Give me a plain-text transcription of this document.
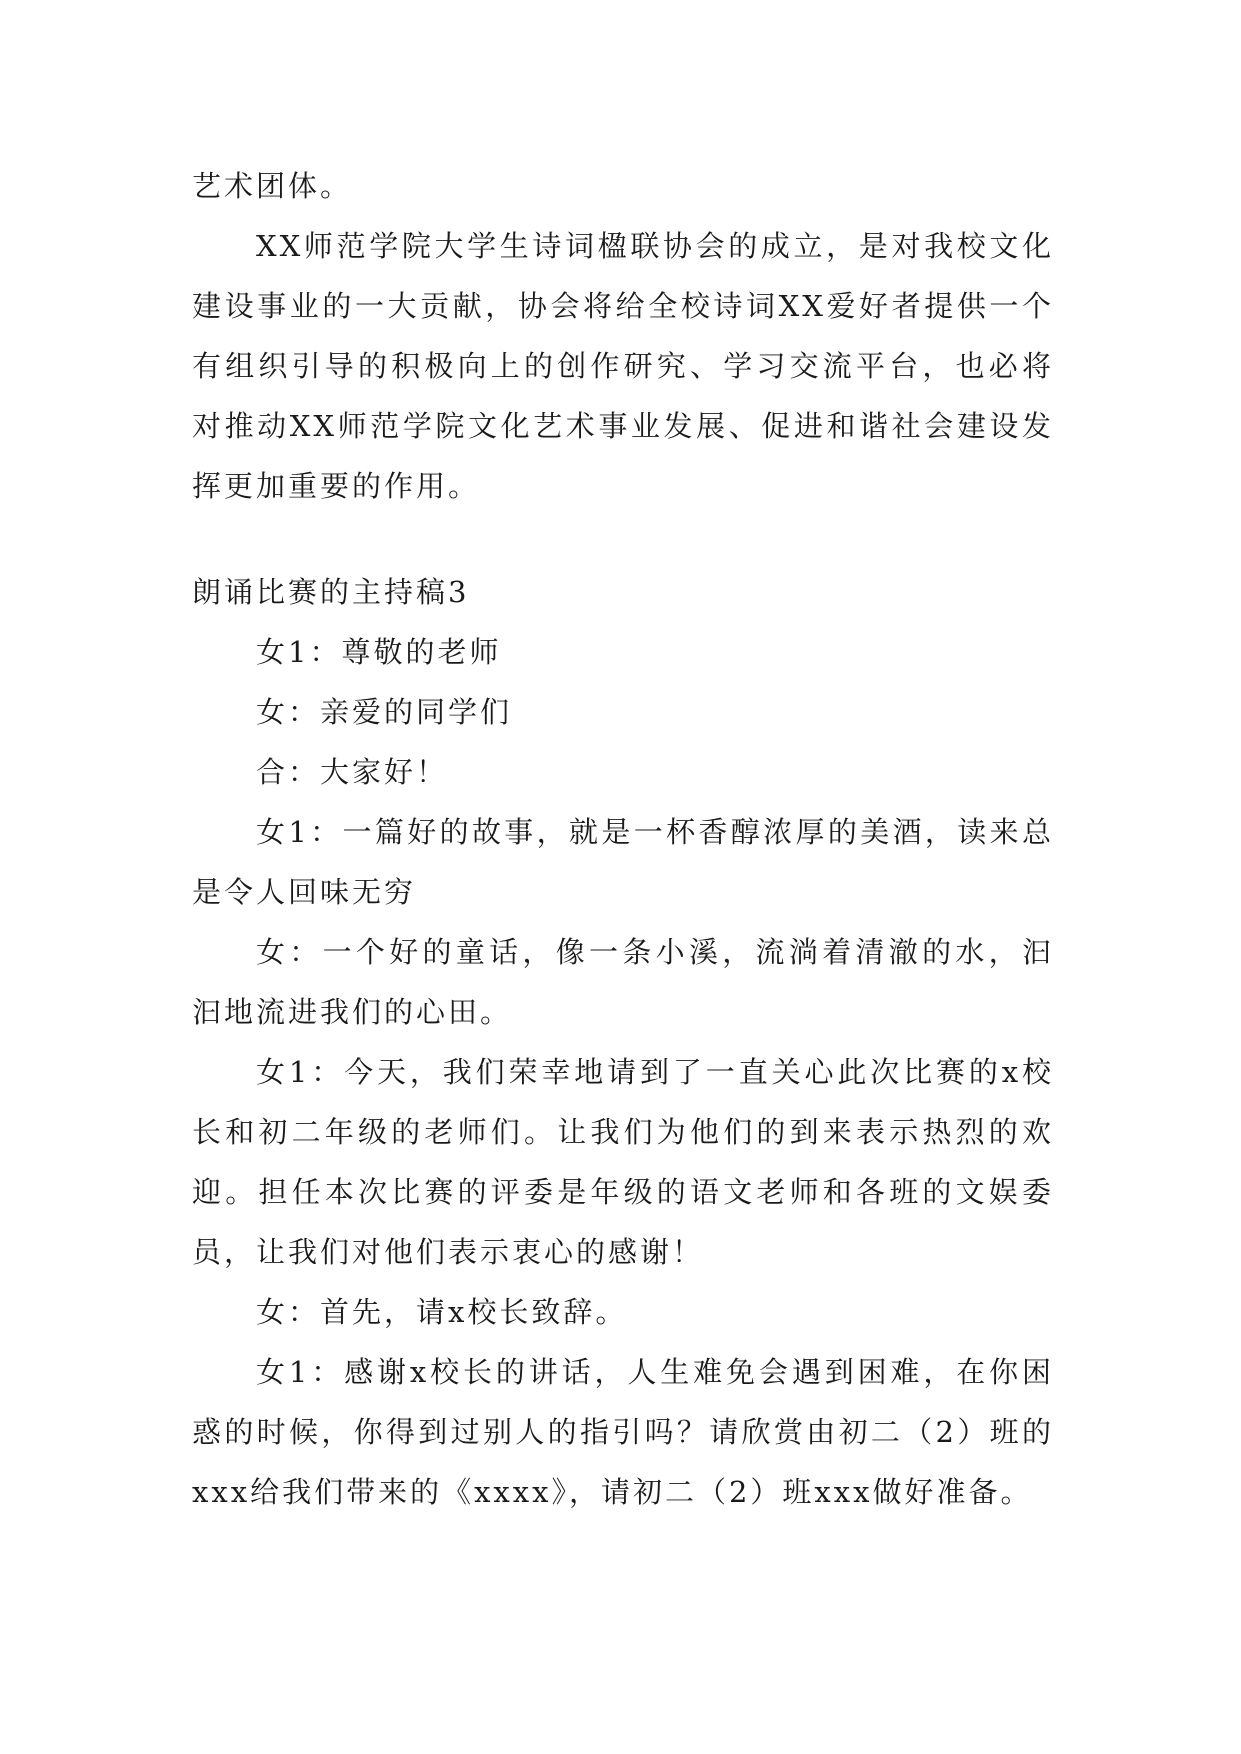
艺术团体。

XX师范学院大学生诗词楹联协会的成立，是对我校文化建设事业的一大贡献，协会将给全校诗词XX爱好者提供一个有组织引导的积极向上的创作研究、学习交流平台，也必将对推动XX师范学院文化艺术事业发展、促进和谐社会建设发挥更加重要的作用。

朗诵比赛的主持稿3

女1：尊敬的老师

女：亲爱的同学们

合：大家好！

女1：一篇好的故事，就是一杯香醇浓厚的美酒，读来总是令人回味无穷

女：一个好的童话，像一条小溪，流淌着清澈的水，汩汩地流进我们的心田。

女1：今天，我们荣幸地请到了一直关心此次比赛的x校长和初二年级的老师们。让我们为他们的到来表示热烈的欢迎。担任本次比赛的评委是年级的语文老师和各班的文娱委员，让我们对他们表示衷心的感谢！

女：首先，请x校长致辞。

女1：感谢x校长的讲话，人生难免会遇到困难，在你困惑的时候，你得到过别人的指引吗？请欣赏由初二（2）班的xxx给我们带来的《xxxx》，请初二（2）班xxx做好准备。
